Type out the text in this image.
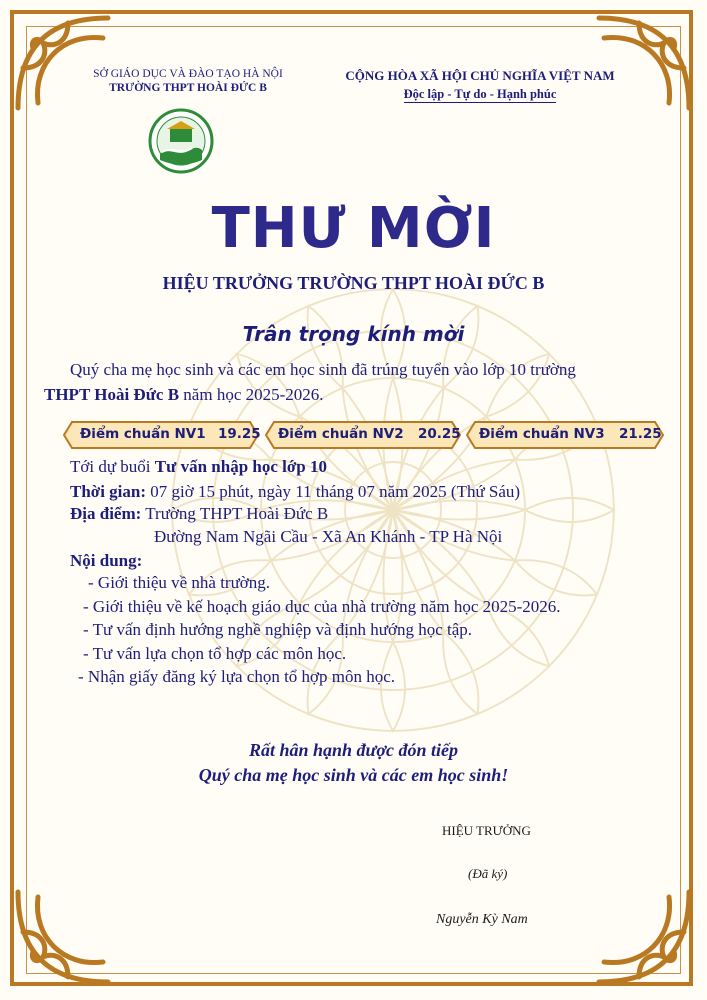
SỞ GIÁO DỤC VÀ ĐÀO TẠO HÀ NỘI
TRƯỜNG THPT HOÀI ĐỨC B
CỘNG HÒA XÃ HỘI CHỦ NGHĨA VIỆT NAM
Độc lập - Tự do - Hạnh phúc
THƯ MỜI
HIỆU TRƯỞNG TRƯỜNG THPT HOÀI ĐỨC B
Trân trọng kính mời
Quý cha mẹ học sinh và các em học sinh đã trúng tuyển vào lớp 10 trường
THPT Hoài Đức B năm học 2025-2026.
Điểm chuẩn NV1 19.25 Điểm chuẩn NV2 20.25 Điểm chuẩn NV3 21.25
Tới dự buổi Tư vấn nhập học lớp 10
Thời gian: 07 giờ 15 phút, ngày 11 tháng 07 năm 2025 (Thứ Sáu)
Địa điểm: Trường THPT Hoài Đức B
Đường Nam Ngãi Cầu - Xã An Khánh - TP Hà Nội
Nội dung:
- Giới thiệu về nhà trường.
- Giới thiệu về kế hoạch giáo dục của nhà trường năm học 2025-2026.
- Tư vấn định hướng nghề nghiệp và định hướng học tập.
- Tư vấn lựa chọn tổ hợp các môn học.
- Nhận giấy đăng ký lựa chọn tổ hợp môn học.
Rất hân hạnh được đón tiếp
Quý cha mẹ học sinh và các em học sinh!
HIỆU TRƯỞNG
(Đã ký)
Nguyễn Kỳ Nam
